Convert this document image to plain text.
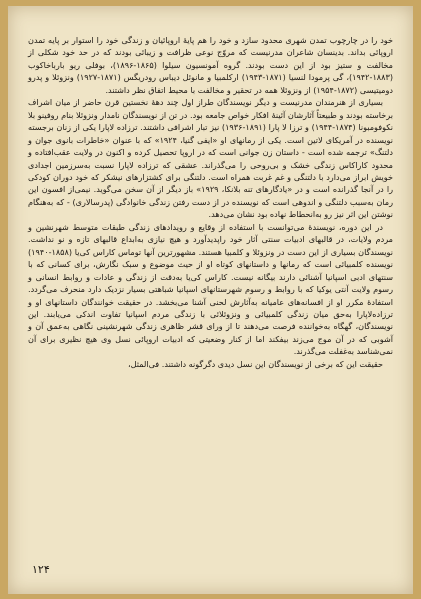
خود را در چارچوب تمدن شهری محدود سازد و خود را هم پایهٔ اروپائیان و زندگی خود را استوار بر پایه تمدن اروپائی بداند. بدینسان شاعران مدرنیست که مروّج نوعی ظرافت و زیبائی بودند که در حد خود شکلی از مخالفت و ستیز بود از این دست بودند. گروه آمونسیون سیلوا (۱۸۶۵-۱۸۹۶)، بوفلی ریو بارباخاکوب (۱۸۸۳-۱۹۴۲)، گی پرمودا لنسیا (۱۸۷۱-۱۹۴۳) ارکلمبیا و مانوئل دیباس رودریگس (۱۸۷۱-۱۹۲۷) ونزوئلا و پدرو دومیتیسی (۱۸۷۲-۱۹۵۴) از ونزوئلا همه در تحقیر و مخالفت با محیط اتفاق نظر داشتند.

بسیاری از هنرمندان مدرنیست و دیگر نویسندگان طراز اول چند دههٔ نخستین قرن حاضر از میان اشراف برخاسته بودند و طبیعتاً آثارشان آئینهٔ افکار خواص جامعه بود. در تن از نویسندگان نامدار ونزوئلا بنام روفینو بلا نکوفومبونا (۱۸۷۴-۱۹۴۴) و ترزا لا پارا (۱۸۹۱-۱۹۳۶) نیز تبار اشرافی داشتند. ترزاده لاپارا یکی از زنان برجسته نویسنده در آمریکای لاتین است. یکی از رمانهای او «ایفی گنیا، ۱۹۲۴» که با عنوان «خاطرات بانوی جوان و دلتنگ» ترجمه شده است - داستان زن جوانی است که در اروپا تحصیل کرده و اکنون در ولایت عقب‌افتاده و محدود کاراکاس زندگی خشک و بی‌روحی را می‌گذراند. عشقی که ترزاده لاپارا نسبت به‌سرزمین اجدادی خویش ابراز می‌دارد با دلتنگی و غم غربت همراه است. دلتنگی برای کشتزارهای نیشکر که خود دوران کودکی را در آنجا گذرانده است و در «یادگارهای تنه بلانکا، ۱۹۲۹» باز دیگر از آن سخن می‌گوید. نیمی‌از افسون این رمان به‌سبب دلتنگی و اندوهی است که نویسنده در از دست رفتن زندگی خانوادگی (پدرسالاری) - که به‌هنگام نوشتن این اثر نیز رو به‌انحطاط نهاده بود نشان می‌دهد.

در این دوره، نویسندهٔ می‌توانست با استفاده از وقایع و رویدادهای زندگی طبقات متوسط شهرنشین و مردم ولایات، در قالبهای ادبیات سنتی آثار خود راپدیدآورد و هیچ نیازی به‌ابداع قالبهای تازه و نو نداشت. نویسندگان بسیاری از این دست در ونزوئلا و کلمبیا هستند. مشهورترین آنها توماس کاراس کی‌یا (۱۸۵۸-۱۹۴۰) نویسنده کلمبیائی است که رمانها و داستانهای کوتاه او از حیث موضوع و سبک نگارش، برای کسانی که با سنتهای ادبی اسپانیا آشنائی دارند بیگانه نیست. کاراس کی‌یا به‌دقت از زندگی و عادات و روابط انسانی و رسوم ولایت آنتی یوکیا که با روابط و رسوم شهرستانهای اسپانیا شباهتی بسیار نزدیک دارد منحرف می‌گردد. استفادهٔ مکرر او از افسانه‌های عامیانه به‌آثارش لحنی آشنا می‌بخشد. در حقیقت خوانندگان داستانهای او و ترزاده‌لاپارا به‌حق میان زندگی کلمبیائی و ونزوئلائی با زندگی مردم اسپانیا تفاوت اندکی می‌یابند. این نویسندگان، گهگاه به‌خواننده فرصت می‌دهند تا از ورای قشر ظاهری زندگی شهرنشینی نگاهی به‌عمق آن و آشوبی که در آن موج می‌زند بیفکند اما از کنار وضعیتی که ادبیات اروپائی نسل وی هیچ نظیری برای آن نمی‌شناسد به‌غفلت می‌گذرند.

حقیقت این که برخی از نویسندگان این نسل دیدی دگرگونه داشتند. فی‌المثل،

۱۲۴
